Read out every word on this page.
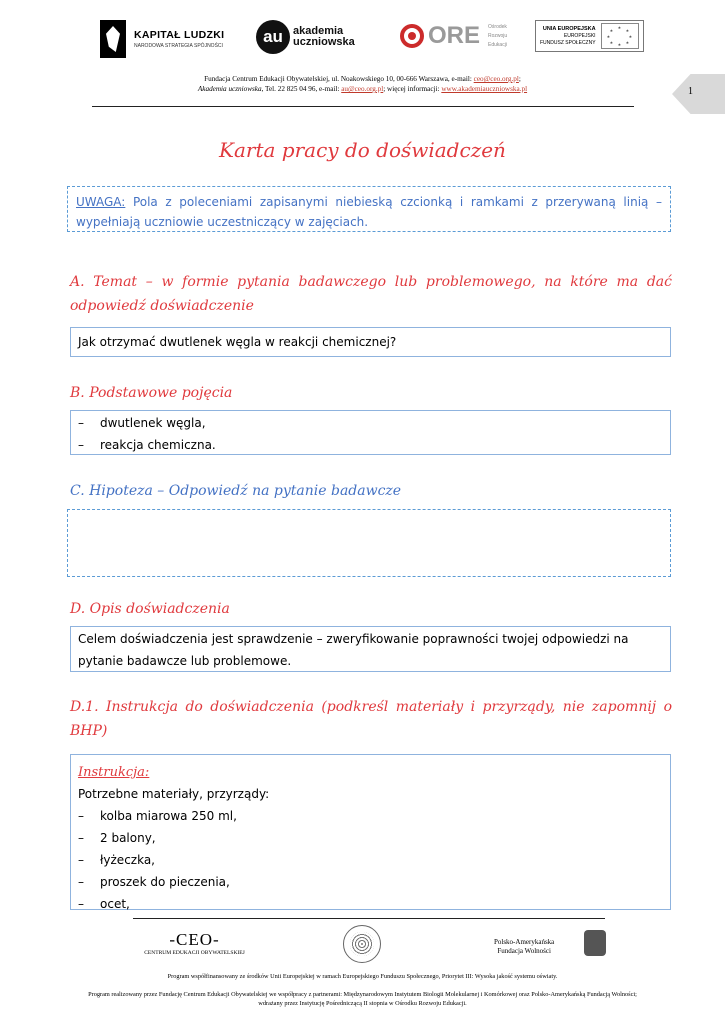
KAPITAŁ LUDZKI
NARODOWA STRATEGIA SPÓJNOŚCI	au akademia
uczniowska	ORE Ośrodek
Rozwoju
Edukacji
UNIA EUROPEJSKA
EUROPEJSKI
FUNDUSZ SPOŁECZNY
★
★
★
★
★
★
★
★
Fundacja Centrum Edukacji Obywatelskiej, ul. Noakowskiego 10, 00-666 Warszawa, e-mail: ceo@ceo.org.pl;
Akademia uczniowska, Tel. 22 825 04 96, e-mail: au@ceo.org.pl; więcej informacji: www.akademiauczniowska.pl	1
Karta pracy do doświadczeń
UWAGA: Pola z poleceniami zapisanymi niebieską czcionką i ramkami z przerywaną linią – wypełniają uczniowie uczestniczący w zajęciach.
A. Temat – w formie pytania badawczego lub problemowego, na które ma dać odpowiedź doświadczenie
Jak otrzymać dwutlenek węgla w reakcji chemicznej?
B. Podstawowe pojęcia
–	dwutlenek węgla,
–	reakcja chemiczna.
C. Hipoteza – Odpowiedź na pytanie badawcze
D. Opis doświadczenia
Celem doświadczenia jest sprawdzenie – zweryfikowanie poprawności twojej odpowiedzi na pytanie badawcze lub problemowe.
D.1. Instrukcja do doświadczenia (podkreśl materiały i przyrządy, nie zapomnij o BHP)
Instrukcja:
Potrzebne materiały, przyrządy:
–	kolba miarowa 250 ml,
–	2 balony,
–	łyżeczka,
–	proszek do pieczenia,
–	ocet,
-CEO-
CENTRUM EDUKACJI OBYWATELSKIEJ
Polsko-Amerykańska
Fundacja Wolności
Program współfinansowany ze środków Unii Europejskiej w ramach Europejskiego Funduszu Społecznego, Priorytet III: Wysoka jakość systemu oświaty.
Program realizowany przez Fundację Centrum Edukacji Obywatelskiej we współpracy z partnerami: Międzynarodowym Instytutem Biologii Molekularnej i Komórkowej oraz Polsko-Amerykańską Fundacją Wolności;
wdrażany przez Instytucję Pośredniczącą II stopnia w Ośrodku Rozwoju Edukacji.
